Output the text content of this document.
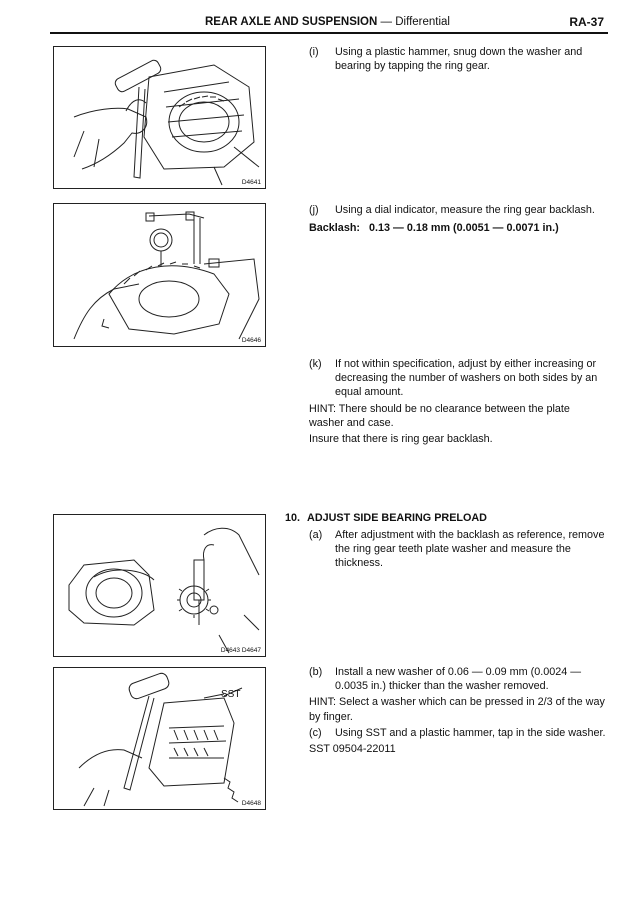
REAR AXLE AND SUSPENSION — Differential	RA-37
D4641
D4646
D4643 D4647
SST
D4648
(i)	Using a plastic hammer, snug down the washer and bearing by tapping the ring gear.
(j)	Using a dial indicator, measure the ring gear backlash.

Backlash: 0.13 — 0.18 mm (0.0051 — 0.0071 in.)

(k)	If not within specification, adjust by either increasing or decreasing the number of washers on both sides by an equal amount.

HINT: There should be no clearance between the plate washer and case.

Insure that there is ring gear backlash.

10. ADJUST SIDE BEARING PRELOAD
(a)	After adjustment with the backlash as reference, remove the ring gear teeth plate washer and measure the thickness.
(b)	Install a new washer of 0.06 — 0.09 mm (0.0024 — 0.0035 in.) thicker than the washer removed.

HINT: Select a washer which can be pressed in 2/3 of the way by finger.

(c)	Using SST and a plastic hammer, tap in the side washer.

SST 09504-22011
